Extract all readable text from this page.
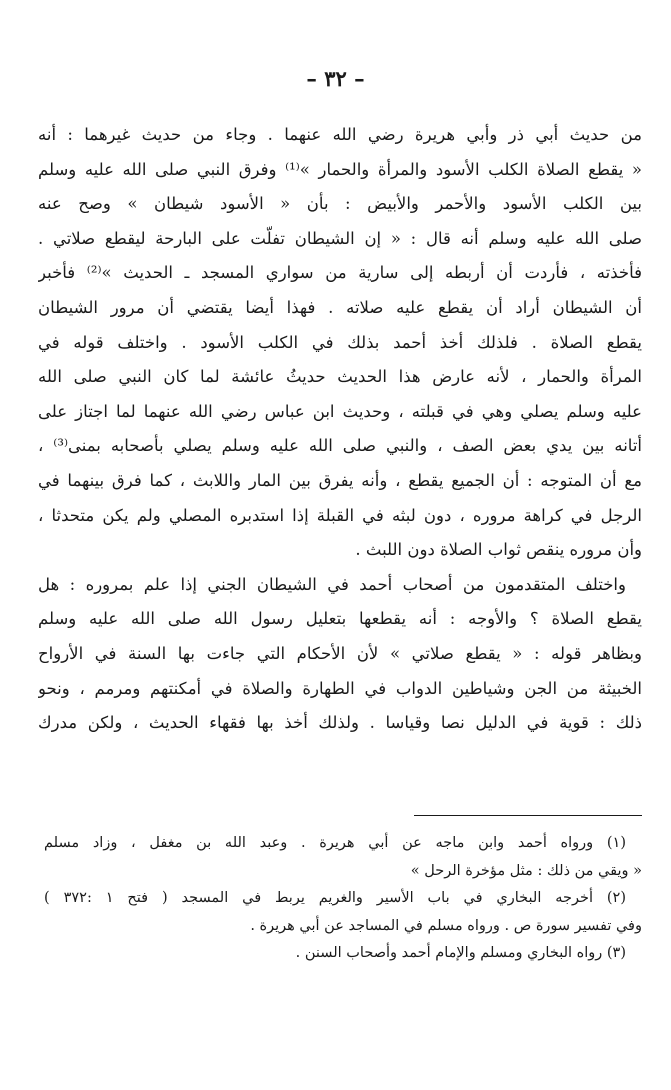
– ٣٢ –
من حديث أبي ذر وأبي هريرة رضي الله عنهما . وجاء من حديث غيرهما : أنه
« يقطع الصلاة الكلب الأسود والمرأة والحمار »⁽¹⁾ وفرق النبي صلى الله عليه وسلم
بين الكلب الأسود والأحمر والأبيض : بأن « الأسود شيطان » وصح عنه
صلى الله عليه وسلم أنه قال : « إن الشيطان تفلّت على البارحة ليقطع صلاتي .
فأخذته ، فأردت أن أربطه إلى سارية من سواري المسجد ـ الحديث »⁽²⁾ فأخبر
أن الشيطان أراد أن يقطع عليه صلاته . فهذا أيضا يقتضي أن مرور الشيطان
يقطع الصلاة . فلذلك أخذ أحمد بذلك في الكلب الأسود . واختلف قوله في
المرأة والحمار ، لأنه عارض هذا الحديث حديثُ عائشة لما كان النبي صلى الله
عليه وسلم يصلي وهي في قبلته ، وحديث ابن عباس رضي الله عنهما لما اجتاز على
أتانه بين يدي بعض الصف ، والنبي صلى الله عليه وسلم يصلي بأصحابه بمنى⁽³⁾ ،
مع أن المتوجه : أن الجميع يقطع ، وأنه يفرق بين المار واللابث ، كما فرق بينهما في
الرجل في كراهة مروره ، دون لبثه في القبلة إذا استدبره المصلي ولم يكن متحدثا ،
وأن مروره ينقص ثواب الصلاة دون اللبث .
واختلف المتقدمون من أصحاب أحمد في الشيطان الجني إذا علم بمروره : هل
يقطع الصلاة ؟ والأوجه : أنه يقطعها بتعليل رسول الله صلى الله عليه وسلم
وبظاهر قوله : « يقطع صلاتي » لأن الأحكام التي جاءت بها السنة في الأرواح
الخبيثة من الجن وشياطين الدواب في الطهارة والصلاة في أمكنتهم ومرمم ، ونحو
ذلك : قوية في الدليل نصا وقياسا . ولذلك أخذ بها فقهاء الحديث ، ولكن مدرك
(١) ورواه أحمد وابن ماجه عن أبي هريرة . وعبد الله بن مغفل ، وزاد مسلم
« ويقي من ذلك : مثل مؤخرة الرحل »
(٢) أخرجه البخاري في باب الأسير والغريم يربط في المسجد ( فتح ١ :٣٧٢ )
وفي تفسير سورة ص . ورواه مسلم في المساجد عن أبي هريرة .
(٣) رواه البخاري ومسلم والإمام أحمد وأصحاب السنن .
